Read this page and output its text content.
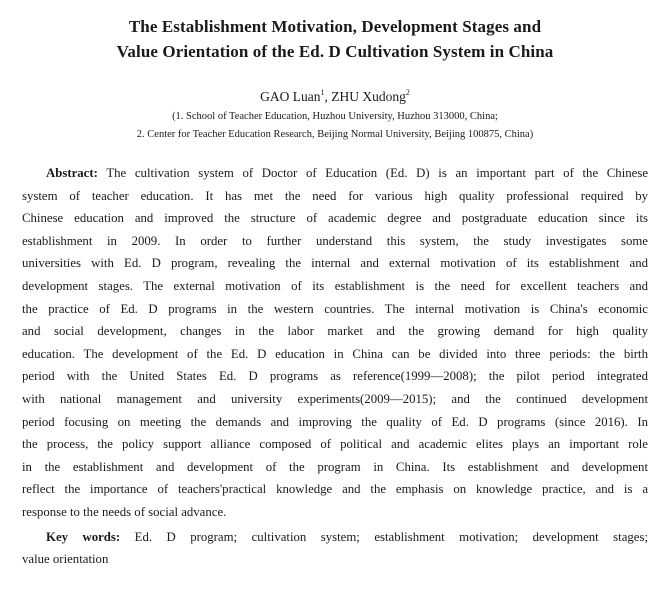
The Establishment Motivation, Development Stages and
Value Orientation of the Ed. D Cultivation System in China
GAO Luan$^1$, ZHU Xudong$^2$
(1. School of Teacher Education, Huzhou University, Huzhou 313000, China;
2. Center for Teacher Education Research, Beijing Normal University, Beijing 100875, China)
Abstract: The cultivation system of Doctor of Education (Ed. D) is an important part of the Chinese
system of teacher education. It has met the need for various high quality professional required by
Chinese education and improved the structure of academic degree and postgraduate education since its
establishment in 2009. In order to further understand this system, the study investigates some
universities with Ed. D program, revealing the internal and external motivation of its establishment and
development stages. The external motivation of its establishment is the need for excellent teachers and
the practice of Ed. D programs in the western countries. The internal motivation is China's economic
and social development, changes in the labor market and the growing demand for high quality
education. The development of the Ed. D education in China can be divided into three periods: the birth
period with the United States Ed. D programs as reference(1999—2008); the pilot period integrated
with national management and university experiments(2009—2015); and the continued development
period focusing on meeting the demands and improving the quality of Ed. D programs (since 2016). In
the process, the policy support alliance composed of political and academic elites plays an important role
in the establishment and development of the program in China. Its establishment and development
reflect the importance of teachers'practical knowledge and the emphasis on knowledge practice, and is a
response to the needs of social advance.
Key words: Ed. D program; cultivation system; establishment motivation; development stages;
value orientation
